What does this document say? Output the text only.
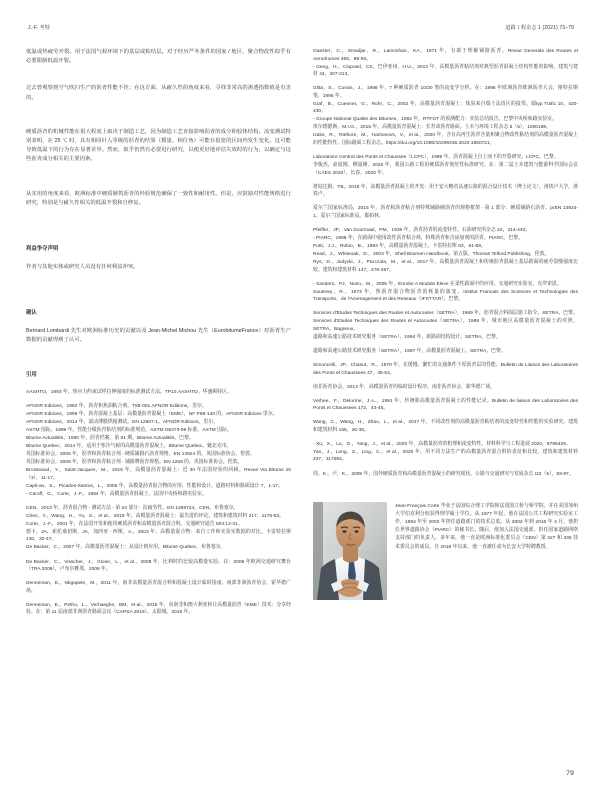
J.-F. 考特	道路工程杂志 1 (2021) 73–79

低温或热疲劳开裂。用于法国气候环境下的基层或粘结层。对于经历严冬条件的国家 / 地区，聚合物改性似乎有必要限制低温开裂。

过去曾观察到空气吹扫生产的沥青性能不佳；在这方面，从耐久性的角度来看，寻找非常高的渗透指数值是有害的。

硬质沥青的机械性能在很大程度上取决于制造工艺，因为制造工艺直接影响沥青的成分和胶体结构。流变测试特别表明，在 25 ℃ 时，具有相同针入等级的沥青的结果（模量、相位角）可能在很宽的区间内发生变化。这可能导致低温下的行为存在显著差异。然而，似乎仍然有必要进行研究，以便更好地评估失效时的行为，以确定与这些沥青成分相关的主要因素。

从实用的角度来看，欧洲标准中硬质铺筑沥青的经验规范确保了一致性和耐用性。但是，应鼓励对性能规格进行研究，特别是与耐久性相关的低温开裂和自修复。

利益争夺声明

作者与其他实体或研究人员没有任何利益冲突。

确认

Bernard Lombardi 先生对欧洲标准历史的贡献以及 Jean-Michel Michou 先生（EurobitumeFrance）对沥青生产数据的贡献得到了认可。

引用
AASHTO，1993 年，热应力约束试样拉伸强度的标准测试方法。TP10.AASHTO。华盛顿特区。
AFNOR Editions，1992 年，沥青和焦油粘合剂。T65-001.AFNOR Editions。里尔。
AFNOR Editions，1999 年，沥青混凝土基层：高模量沥青混凝土（EME），NF P98-140 的。AFNOR Editions 里尔。
AFNOR Editions，2014 年，滚动薄膜烘箱测试。EN 12607-1。AFNOR Editions。里尔。
ASTM 国际。1999 年。性能分级沥青粘结剂的标准规范。ASTM D6373-99 标准。ASTM 国际。
Bitume Actualités，1990 年，沥青档案。第 91 期。Bitume Actualités。巴黎。
Bitume Quebec，2014 年，适用于寒冷气候的高模量沥青混凝土。Bitume Quebec。魁北克市。
英国标准协会，2006 年，沥青和沥青粘合剂 - 硬质铺路石沥青规格。EN 13924 的。英国标准协会，伦敦。
英国标准协会，2009 年，沥青和沥青粘合剂 - 铺路牌沥青规格。EN 1259 的。英国标准协会，伦敦。
Brosseaud，Y.，Saint-Jacques，M.，2015 年，高模量沥青混凝土：近 30 年法国经验的回顾。Revue Via Bitume 10（3），11-17。
Capit-ao，S.，Picados-Santos，L.，2006 年，高模量沥青混合物的应用、性能和设计。道路材料和路面设计 7，1-17。
- Caroff，G.，Corte，J.-F.，1994 年，高模量沥青混凝土。法国中央桥和路实验室。
CEN，2013 年，沥青混合物 - 测试方法 - 第 24 部分：抗疲劳性。EN 1269724。CEN。布鲁塞尔。
Chen，Y.，Wang，H.，Yu，S.，et al.，2019 年，高模量沥青混凝土：最先进的评论。建筑和建筑材料 217，1176-53。
Corte，J.-F.，2001 年，在法国开发和使用硬质沥青和高模量沥青混合料。交通研究通告 503:12-31。
德卡，JA，索托桑切斯，JA，加西亚 · 西斯，A.，2003 年，高模量混合物：来自工作和实验室数据的对比。卡雷特拉斯 130，32-47。
De Backer，C.，2007 年，高模量沥青混凝土：从设计到应用。Bitume Quebec，布鲁塞尔。
De Backer，C.，Visscher，J.，Glorie，L.，et al.，2008 年，比利时的比较高模量实验。在：2008 年欧洲交通研究舞台（TRA 2008），卢布尔雅那，2008 年。
Denneman，E.，Nkgapele，M.，2011 年，南非高模量沥青混合料和混凝土设计临时指南。南部非洲沥青协会，霍华德广场。
Denneman，E.，Petho，L.，Verhaeghe，BM，et al.，2015 年，向南非和澳大利亚转让高模量沥青（EME）技术：分享经验。在：第 11 届南部非洲沥青路面会议（CAPSA 2015），太阳城，2015 年。
Gaestel，C.，Smadjar，R.，Lammihan，KA，1971 年，有助于理解铺路沥青。Revue Generale des Routes et Aerodromes 466，85-94。
- Geng，H.，Clopotel，CS，巴伊亚州，H.U.，2013 年，高模量沥青粘结剂对典型沥青混凝土结构性能的影响。建筑与建材 44，207-213。
Glita，S.，Conan，J.，1996 年，7 种硬质沥青 10/20 笔的流变学分析。在：1996 年欧洲沥青欧洲沥青大会，斯特拉斯堡，1996 年。
Graf，B.，Cuennet，G.，Rohr，C.，2002 年，高模量沥青混凝土：体验来自瑞士法语区的投票。瑞typ Trafic 10，420-430。
- Groupe National Qualite des Bitumes，1992 年，RTFOT 的预测能力：实验总结报告。巴黎中央桥和路实验室。
埃尔德德斯，M.I.G.，2015 年，高模量沥青混凝土：长寿命沥青路面。土木与环境工程杂志 5（5），1000188。
Izaks，R.，Rathore，M.，Haritonovs，V.，et al.，2020 年，含有高再生沥青含量和聚合物改性粘结剂的高模量沥青混凝土的性能特性。国际路面工程杂志。https://doi.org/10.1080/10298436.2020.1850721。
Laboratoire Central des Ponts et Chaussee（LCPC），1999 年，沥青混凝土自上而下的开裂研究。LCPC。巴黎。
李俊杰，俞滋刚，柳滋刚，2020 年，我国公路工程用硬质沥青规范性标准研究。在：第二届土木建筑与能源科学国际会议（CAES 2020），长春，2020 年。
蒽姑达姆，TB，2019 年，高模量沥青混凝土的开发：用于安大略省高速公路的混合设计技术（博士论文），滑铁卢大学，滑铁卢。
爱尔兰国家标准局，2015 年，沥青和沥青粘合剂特殊铺路硬沥青的规格框架 - 第 1 部分：硬质铺路石沥青。prEN 13924-1。爱尔兰国家标准局。都柏林。
Pfeiffer，JP，Van Doormaal，PM，1936 年，沥青沥青的流变特性。石油研究所杂志 22，414-440。
- PIARC，1998 年，在路面中使用改性沥青粘合剂、特殊沥青和含添加剂的沥青。PIARC。巴黎。
Potti，J.J.，Rubio，B.，1993 年，高模量沥青混凝土。卡雷特拉斯 63，61-69。
Read，J.，Whiteoak，D.，2003 年，Shell Bitumen Handbook。第五版。Thomas Telford Publishing。伦敦。
Rys，D.，Judycki，J.，Pszczola，M.，et al.，2017 年，高模量沥青混凝土和传统沥青混凝土基层路面的疲劳裂缝强度比较。建筑和建筑材料 147，478-487。
- Sanders，PJ，Nunn，M.，2005 年，Enrobe A Module Eleve 在柔性路面中的应用。交通研究实验室，克罗索恩。
Sauterey，R.，1973 年，热沥青混合物沥青消耗量的演变。Institut Francais des Sciences et Technologies des Transports，de l'Amenagement et des Reseaux（IFSTTAR），巴黎。
Services d'Etudes Techniques des Routes et Autoroutes（SETRA），1969 年，沥青混合料面层施工指令。SETRA。巴黎。
Services d'Etudes Techniques des Routes et Autoroutes（SETRA），1988 年，城市地区高模量沥青混凝土的对照。SETRA。Bagneux。
道路和高速公路技术研究服务（SETRA），1994 年，新路面结构设计。SETRA。巴黎。
道路和高速公路技术研究服务（SETRA），1997 年，高模量沥青混凝土。SETRA。巴黎。
Simoncelli，JP，Chanut，R.，1970 年，在缓慢、繁忙的交通条件下厚沥青层的性能。Bulletin de Liaison des Laboratoires des Ponts et Chaussees 47，45-54。
南非沥青协会，2013 年，高模量沥青的临时设计程序。南非沥青协会，霍华德广场。
Verhee，F.，Delorme，J.-L.，1991 年，传统和高模量沥青混凝土的性能记录。Bulletin de liaison des Laboratoires des Ponts et Chaussees 172，43-46。
Wang，C.，Wang，H.，Zhao，L.，et al.，2017 年，不同改性剂的高模量沥青粘结剂的流变特性和性能的实验研究。建筑和建筑材料 155，26-36。
- Xu，X.，Lu，G.，Yang，J.，et al.，2020 年，高模量沥青的机理和流变特性。材料科学与工程进展 2020，8795429。
Yan，J.，Leng，Z.，Ling，C.，et al.，2020 年，用不同方法生产的高模量沥青混合料的表征和比较。建筑和建筑材料 237，117594。
周，K.，卢，K.，2005 年，国外硬质沥青和高模量沥青混凝土的研究现状。公路与交通研究与发展杂志 I22（5），83-87。
Jean-François Corte 毕业于法国综合理工学院和法国国立桥与桥学院，并在美国加州大学伯克利分校获得理学硕士学位。从 1977 年起，他在法国公共工程研究实验室工作，1994 年至 2002 年担任道路部门的技术总监。从 2002 年到 2016 年 4 月，他担任世界道路协会（PIARC）的秘书长。随后，他加入法国交通部，担任国家道路网络支持部门的负责人。多年来，他一直是欧洲标准化委员会（CEN）第 227 和 336 技术委员会的成员。自 2018 年以来，他一直被任命为长安大学特聘教授。
79
